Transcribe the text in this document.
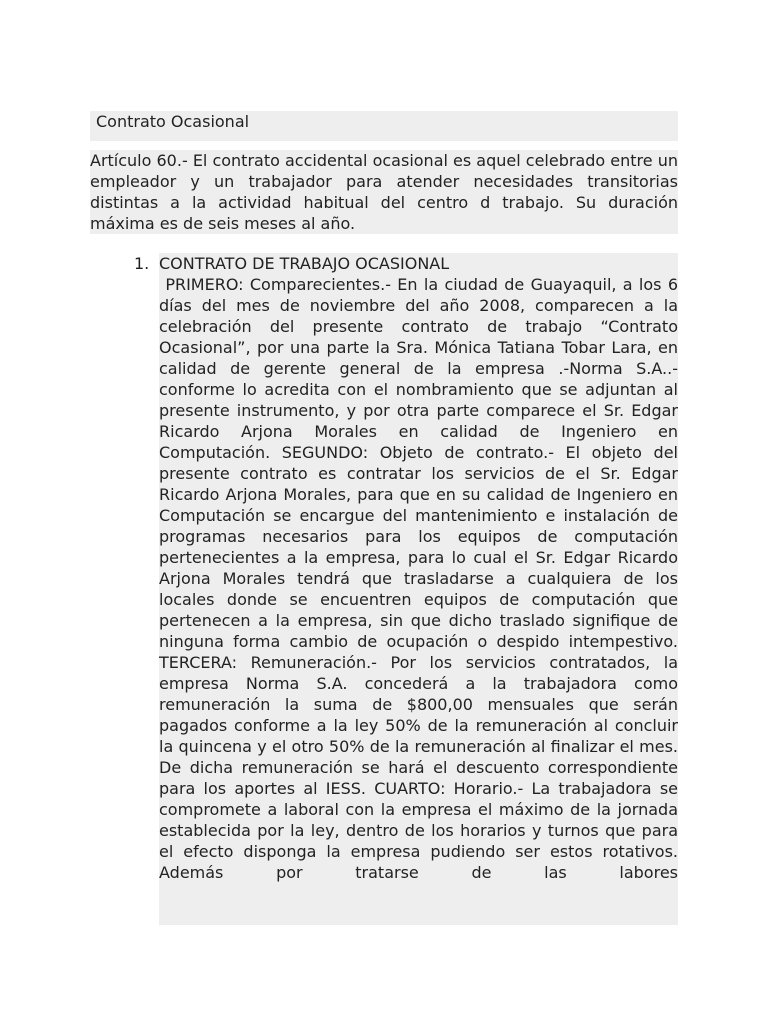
Contrato Ocasional

Artículo 60.- El contrato accidental ocasional es aquel celebrado entre un empleador y un trabajador para atender necesidades transitorias distintas a la actividad habitual del centro d trabajo. Su duración máxima es de seis meses al año.

1. CONTRATO DE TRABAJO OCASIONAL

PRIMERO: Comparecientes.- En la ciudad de Guayaquil, a los 6 días del mes de noviembre del año 2008, comparecen a la celebración del presente contrato de trabajo “Contrato Ocasional”, por una parte la Sra. Mónica Tatiana Tobar Lara, en calidad de gerente general de la empresa .-Norma S.A..- conforme lo acredita con el nombramiento que se adjuntan al presente instrumento, y por otra parte comparece el Sr. Edgar Ricardo Arjona Morales en calidad de Ingeniero en Computación. SEGUNDO: Objeto de contrato.- El objeto del presente contrato es contratar los servicios de el Sr. Edgar Ricardo Arjona Morales, para que en su calidad de Ingeniero en Computación se encargue del mantenimiento e instalación de programas necesarios para los equipos de computación pertenecientes a la empresa, para lo cual el Sr. Edgar Ricardo Arjona Morales tendrá que trasladarse a cualquiera de los locales donde se encuentren equipos de computación que pertenecen a la empresa, sin que dicho traslado signifique de ninguna forma cambio de ocupación o despido intempestivo. TERCERA: Remuneración.- Por los servicios contratados, la empresa Norma S.A. concederá a la trabajadora como remuneración la suma de $800,00 mensuales que serán pagados conforme a la ley 50% de la remuneración al concluir la quincena y el otro 50% de la remuneración al finalizar el mes. De dicha remuneración se hará el descuento correspondiente para los aportes al IESS. CUARTO: Horario.- La trabajadora se compromete a laboral con la empresa el máximo de la jornada establecida por la ley, dentro de los horarios y turnos que para el efecto disponga la empresa pudiendo ser estos rotativos. Además por tratarse de las labores
